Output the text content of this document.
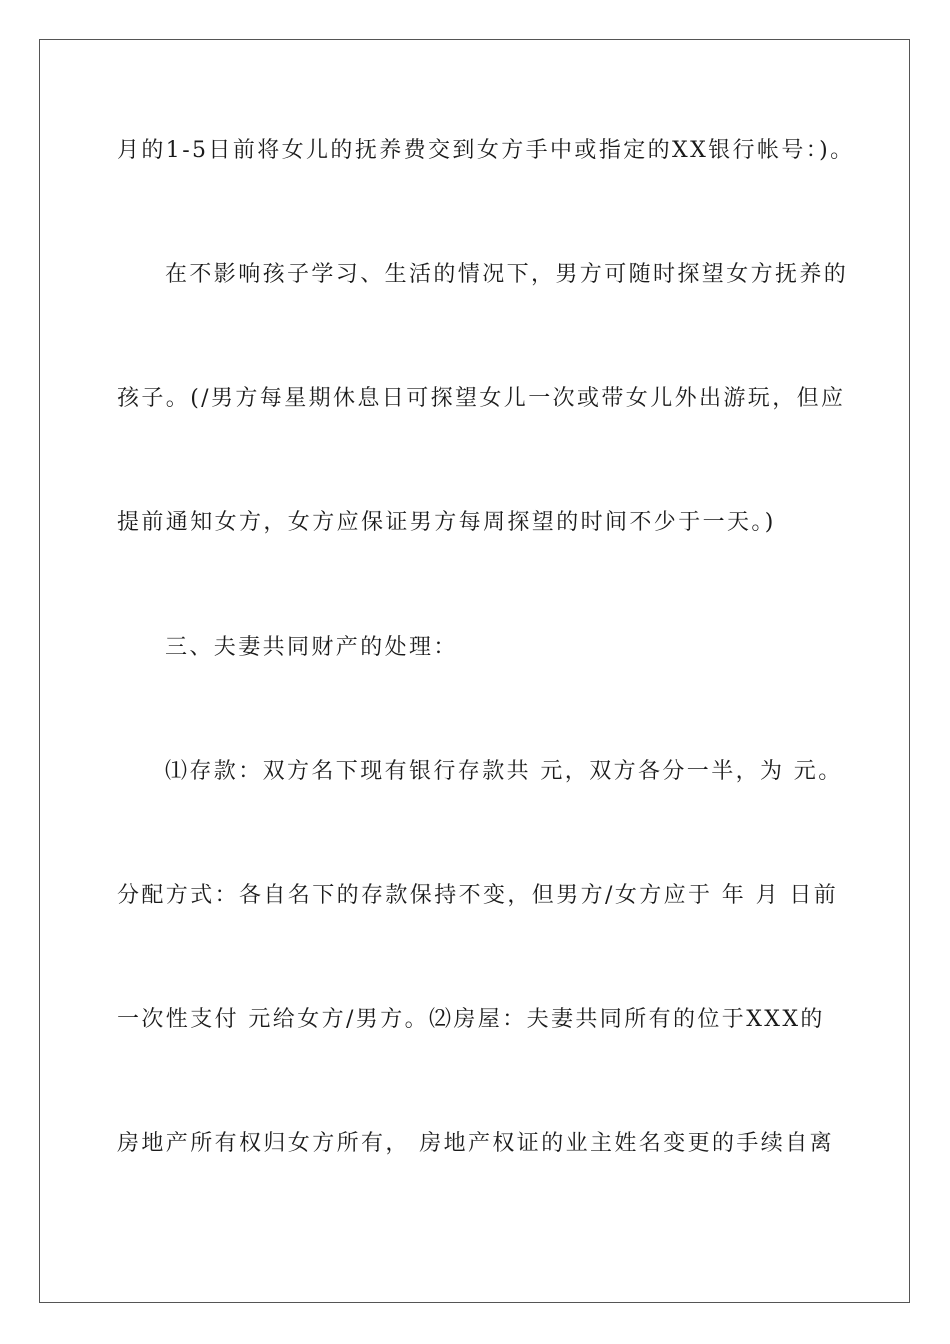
月的1-5日前将女儿的抚养费交到女方手中或指定的XX银行帐号：)。
在不影响孩子学习、生活的情况下，男方可随时探望女方抚养的
孩子。(/男方每星期休息日可探望女儿一次或带女儿外出游玩，但应
提前通知女方，女方应保证男方每周探望的时间不少于一天。)
三、夫妻共同财产的处理：
⑴存款：双方名下现有银行存款共 元，双方各分一半，为 元。
分配方式：各自名下的存款保持不变，但男方/女方应于 年 月 日前
一次性支付 元给女方/男方。⑵房屋：夫妻共同所有的位于XXX的
房地产所有权归女方所有， 房地产权证的业主姓名变更的手续自离
